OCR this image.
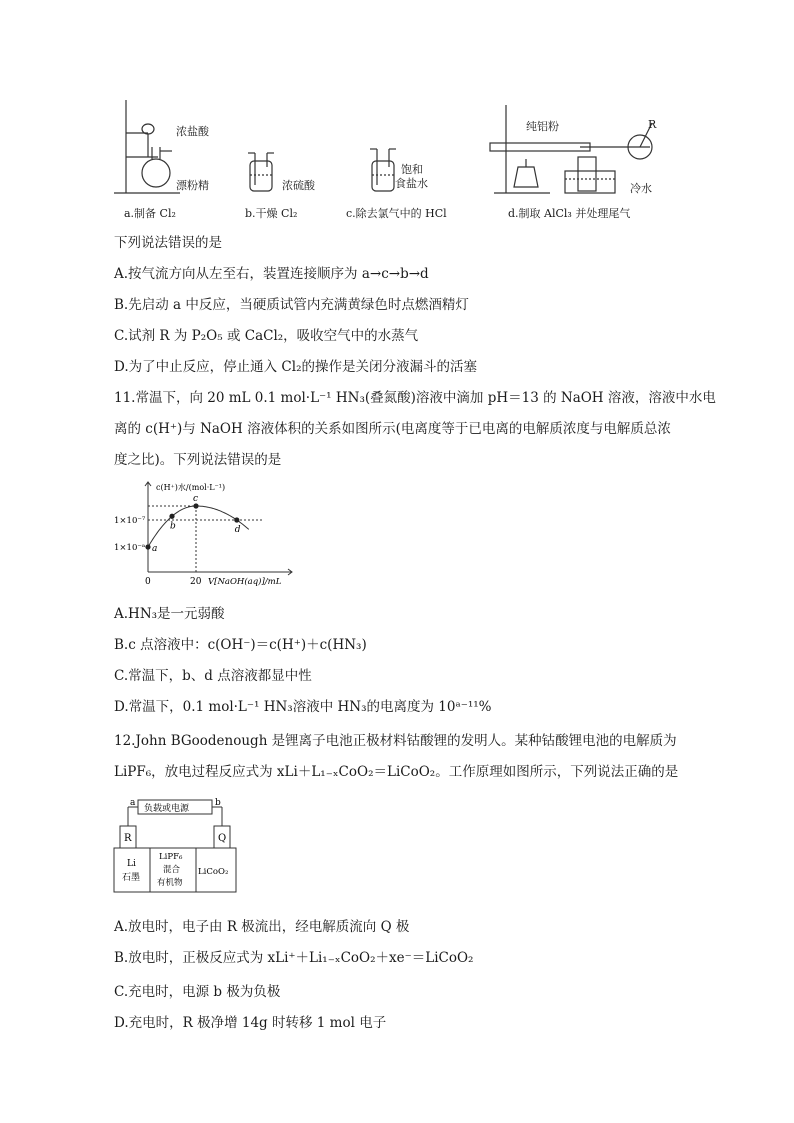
浓盐酸
漂粉精
a.制备 Cl₂
浓硫酸
b.干燥 Cl₂
饱和
食盐水
c.除去氯气中的 HCl
纯铝粉	R
冷水
d.制取 AlCl₃ 并处理尾气
下列说法错误的是
A.按气流方向从左至右，装置连接顺序为 a→c→b→d
B.先启动 a 中反应，当硬质试管内充满黄绿色时点燃酒精灯
C.试剂 R 为 P₂O₅ 或 CaCl₂，吸收空气中的水蒸气
D.为了中止反应，停止通入 Cl₂的操作是关闭分液漏斗的活塞
11.常温下，向 20 mL 0.1 mol·L⁻¹ HN₃(叠氮酸)溶液中滴加 pH＝13 的 NaOH 溶液，溶液中水电
离的 c(H⁺)与 NaOH 溶液体积的关系如图所示(电离度等于已电离的电解质浓度与电解质总浓
度之比)。下列说法错误的是
a
b
c
d
c(H⁺)水/(mol·L⁻¹)
1×10⁻⁷
1×10⁻ᵃ
0	20 V[NaOH(aq)]/mL
A.HN₃是一元弱酸
B.c 点溶液中：c(OH⁻)＝c(H⁺)＋c(HN₃)
C.常温下，b、d 点溶液都显中性
D.常温下，0.1 mol·L⁻¹ HN₃溶液中 HN₃的电离度为 10ᵃ⁻¹¹%
12.John BGoodenough 是锂离子电池正极材料钴酸锂的发明人。某种钴酸锂电池的电解质为
LiPF₆，放电过程反应式为 xLi＋L₁₋ₓCoO₂＝LiCoO₂。工作原理如图所示，下列说法正确的是
a	b
负载或电源
R	Q
Li
石墨
LiPF₆
混合
有机物
LiCoO₂
A.放电时，电子由 R 极流出，经电解质流向 Q 极
B.放电时，正极反应式为 xLi⁺＋Li₁₋ₓCoO₂＋xe⁻＝LiCoO₂
C.充电时，电源 b 极为负极
D.充电时，R 极净增 14g 时转移 1 mol 电子
